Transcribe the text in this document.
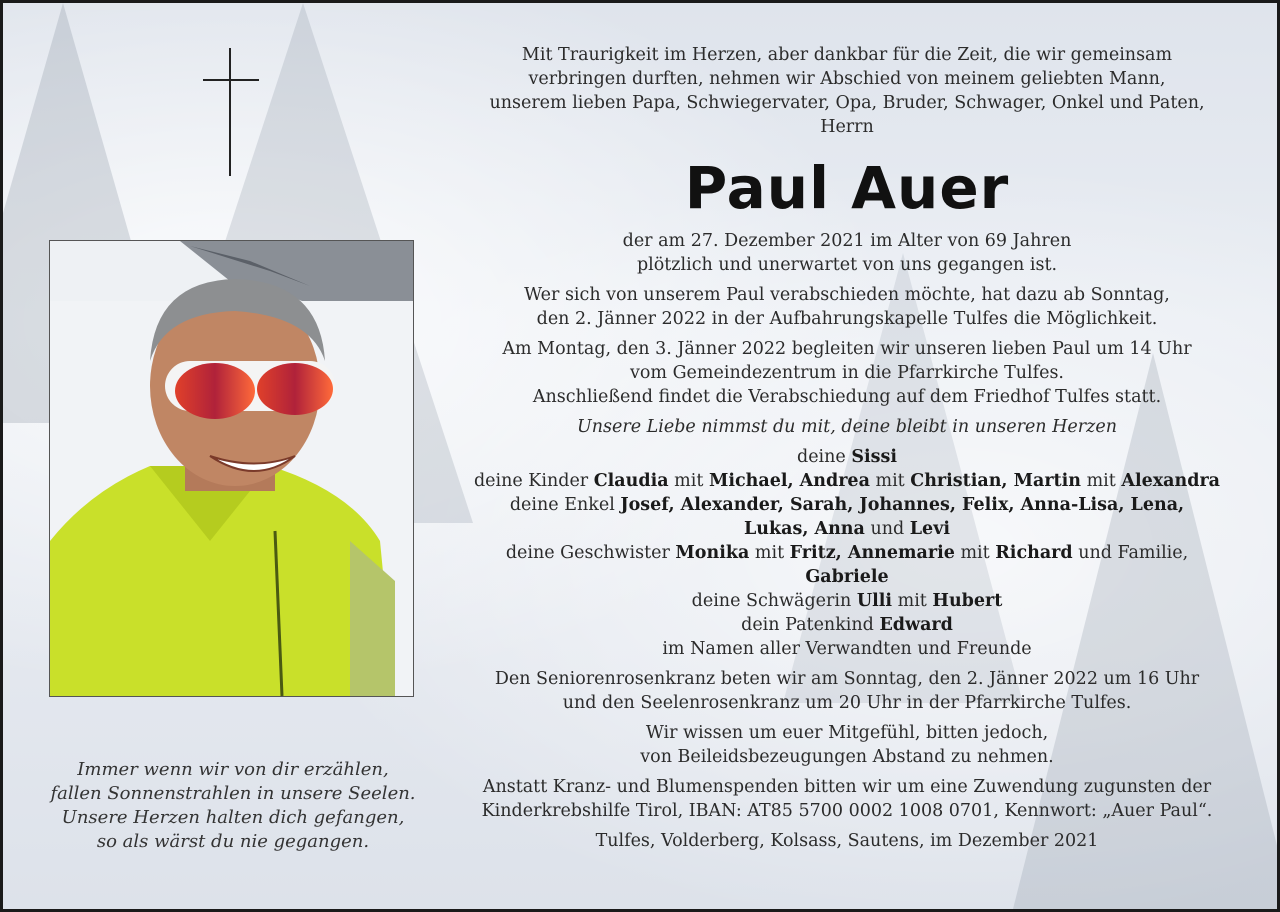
Immer wenn wir von dir erzählen,
fallen Sonnenstrahlen in unsere Seelen.
Unsere Herzen halten dich gefangen,
so als wärst du nie gegangen.
Mit Traurigkeit im Herzen, aber dankbar für die Zeit, die wir gemeinsam
verbringen durften, nehmen wir Abschied von meinem geliebten Mann,
unserem lieben Papa, Schwiegervater, Opa, Bruder, Schwager, Onkel und Paten,
Herrn
Paul Auer
der am 27. Dezember 2021 im Alter von 69 Jahren
plötzlich und unerwartet von uns gegangen ist.
Wer sich von unserem Paul verabschieden möchte, hat dazu ab Sonntag,
den 2. Jänner 2022 in der Aufbahrungskapelle Tulfes die Möglichkeit.
Am Montag, den 3. Jänner 2022 begleiten wir unseren lieben Paul um 14 Uhr
vom Gemeindezentrum in die Pfarrkirche Tulfes.
Anschließend findet die Verabschiedung auf dem Friedhof Tulfes statt.
Unsere Liebe nimmst du mit, deine bleibt in unseren Herzen
deine Sissi
deine Kinder Claudia mit Michael, Andrea mit Christian, Martin mit Alexandra
deine Enkel Josef, Alexander, Sarah, Johannes, Felix, Anna-Lisa, Lena,
Lukas, Anna und Levi
deine Geschwister Monika mit Fritz, Annemarie mit Richard und Familie,
Gabriele
deine Schwägerin Ulli mit Hubert
dein Patenkind Edward
im Namen aller Verwandten und Freunde
Den Seniorenrosenkranz beten wir am Sonntag, den 2. Jänner 2022 um 16 Uhr
und den Seelenrosenkranz um 20 Uhr in der Pfarrkirche Tulfes.
Wir wissen um euer Mitgefühl, bitten jedoch,
von Beileidsbezeugungen Abstand zu nehmen.
Anstatt Kranz- und Blumenspenden bitten wir um eine Zuwendung zugunsten der
Kinderkrebshilfe Tirol, IBAN: AT85 5700 0002 1008 0701, Kennwort: „Auer Paul“.
Tulfes, Volderberg, Kolsass, Sautens, im Dezember 2021
